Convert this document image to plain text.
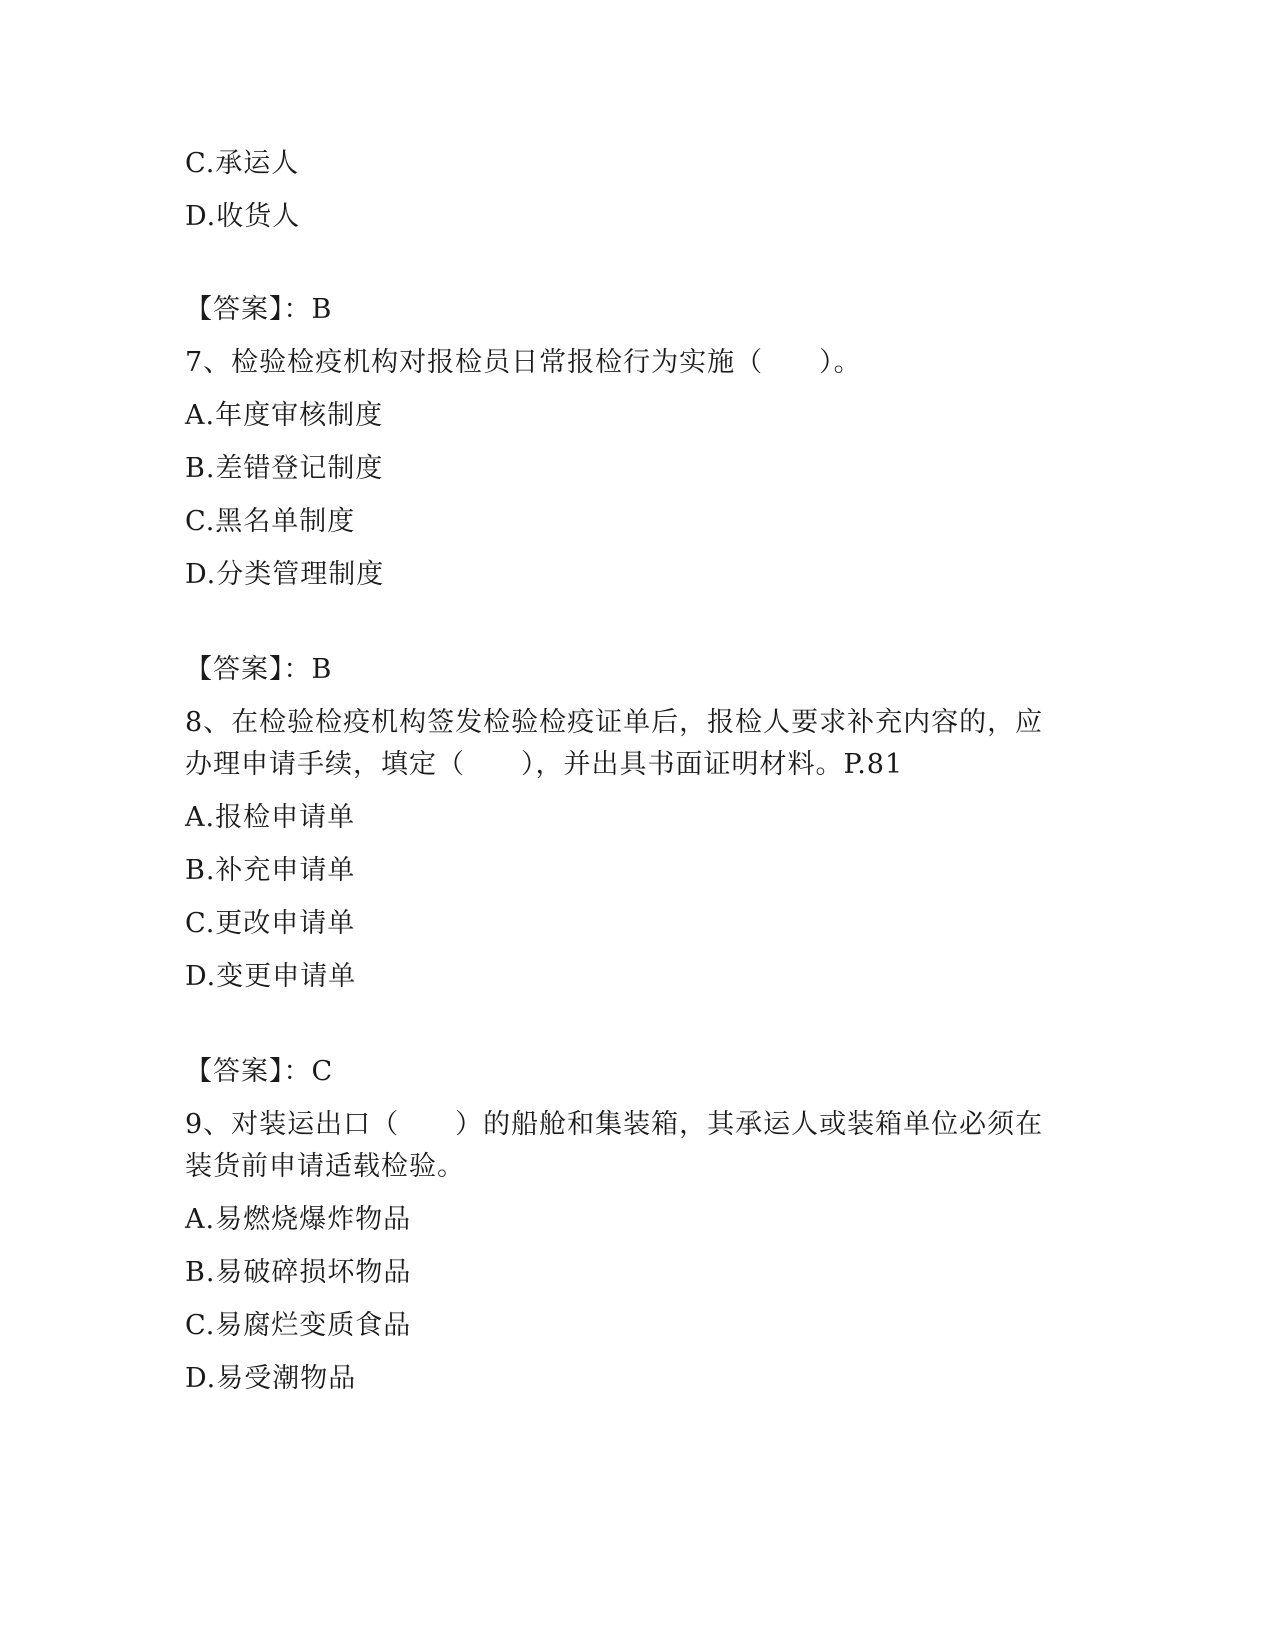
C.承运人
D.收货人
【答案】：B
7、检验检疫机构对报检员日常报检行为实施（　　）。
A.年度审核制度
B.差错登记制度
C.黑名单制度
D.分类管理制度
【答案】：B
8、在检验检疫机构签发检验检疫证单后，报检人要求补充内容的，应
办理申请手续，填定（　　），并出具书面证明材料。P.81
A.报检申请单
B.补充申请单
C.更改申请单
D.变更申请单
【答案】：C
9、对装运出口（　　）的船舱和集装箱，其承运人或装箱单位必须在
装货前申请适载检验。
A.易燃烧爆炸物品
B.易破碎损坏物品
C.易腐烂变质食品
D.易受潮物品
